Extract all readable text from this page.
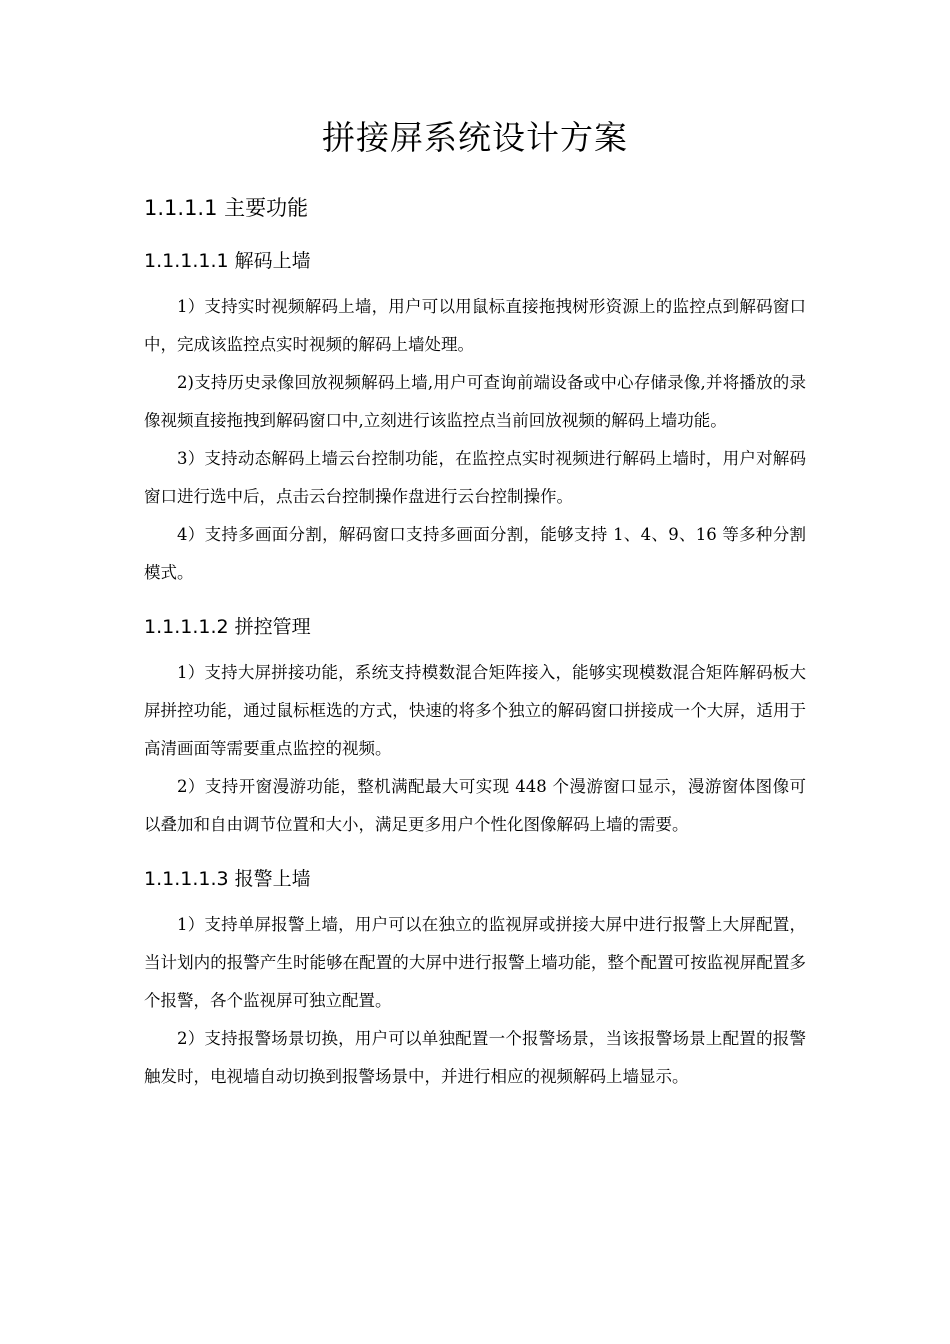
拼接屏系统设计方案
1.1.1.1 主要功能
1.1.1.1.1 解码上墙

1）支持实时视频解码上墙，用户可以用鼠标直接拖拽树形资源上的监控点到解码窗口中，完成该监控点实时视频的解码上墙处理。

2)支持历史录像回放视频解码上墙,用户可查询前端设备或中心存储录像,并将播放的录像视频直接拖拽到解码窗口中,立刻进行该监控点当前回放视频的解码上墙功能。

3）支持动态解码上墙云台控制功能，在监控点实时视频进行解码上墙时，用户对解码窗口进行选中后，点击云台控制操作盘进行云台控制操作。

4）支持多画面分割，解码窗口支持多画面分割，能够支持 1、4、9、16 等多种分割模式。

1.1.1.1.2 拼控管理

1）支持大屏拼接功能，系统支持模数混合矩阵接入，能够实现模数混合矩阵解码板大屏拼控功能，通过鼠标框选的方式，快速的将多个独立的解码窗口拼接成一个大屏，适用于高清画面等需要重点监控的视频。

2）支持开窗漫游功能，整机满配最大可实现 448 个漫游窗口显示，漫游窗体图像可以叠加和自由调节位置和大小，满足更多用户个性化图像解码上墙的需要。

1.1.1.1.3 报警上墙

1）支持单屏报警上墙，用户可以在独立的监视屏或拼接大屏中进行报警上大屏配置，当计划内的报警产生时能够在配置的大屏中进行报警上墙功能，整个配置可按监视屏配置多个报警，各个监视屏可独立配置。

2）支持报警场景切换，用户可以单独配置一个报警场景，当该报警场景上配置的报警触发时，电视墙自动切换到报警场景中，并进行相应的视频解码上墙显示。
